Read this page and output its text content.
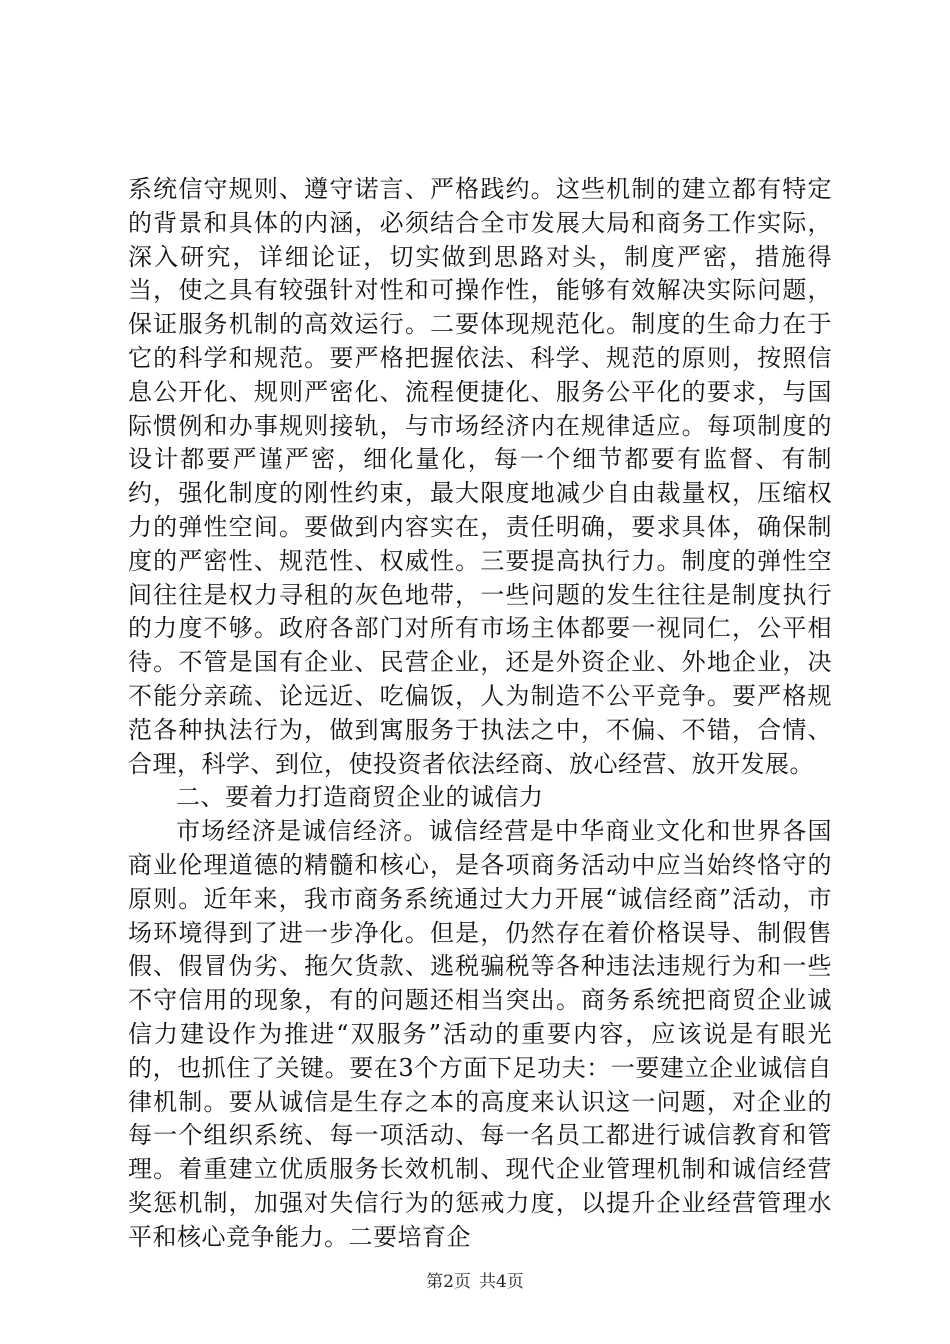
系统信守规则、遵守诺言、严格践约。这些机制的建立都有特定的背景和具体的内涵，必须结合全市发展大局和商务工作实际，深入研究，详细论证，切实做到思路对头，制度严密，措施得当，使之具有较强针对性和可操作性，能够有效解决实际问题，保证服务机制的高效运行。二要体现规范化。制度的生命力在于它的科学和规范。要严格把握依法、科学、规范的原则，按照信息公开化、规则严密化、流程便捷化、服务公平化的要求，与国际惯例和办事规则接轨，与市场经济内在规律适应。每项制度的设计都要严谨严密，细化量化，每一个细节都要有监督、有制约，强化制度的刚性约束，最大限度地减少自由裁量权，压缩权力的弹性空间。要做到内容实在，责任明确，要求具体，确保制度的严密性、规范性、权威性。三要提高执行力。制度的弹性空间往往是权力寻租的灰色地带，一些问题的发生往往是制度执行的力度不够。政府各部门对所有市场主体都要一视同仁，公平相待。不管是国有企业、民营企业，还是外资企业、外地企业，决不能分亲疏、论远近、吃偏饭，人为制造不公平竞争。要严格规范各种执法行为，做到寓服务于执法之中，不偏、不错，合情、合理，科学、到位，使投资者依法经商、放心经营、放开发展。

二、要着力打造商贸企业的诚信力

市场经济是诚信经济。诚信经营是中华商业文化和世界各国商业伦理道德的精髓和核心，是各项商务活动中应当始终恪守的原则。近年来，我市商务系统通过大力开展“诚信经商”活动，市场环境得到了进一步净化。但是，仍然存在着价格误导、制假售假、假冒伪劣、拖欠货款、逃税骗税等各种违法违规行为和一些不守信用的现象，有的问题还相当突出。商务系统把商贸企业诚信力建设作为推进“双服务”活动的重要内容，应该说是有眼光的，也抓住了关键。要在3个方面下足功夫：一要建立企业诚信自律机制。要从诚信是生存之本的高度来认识这一问题，对企业的每一个组织系统、每一项活动、每一名员工都进行诚信教育和管理。着重建立优质服务长效机制、现代企业管理机制和诚信经营奖惩机制，加强对失信行为的惩戒力度，以提升企业经营管理水平和核心竞争能力。二要培育企

第2页 共4页
